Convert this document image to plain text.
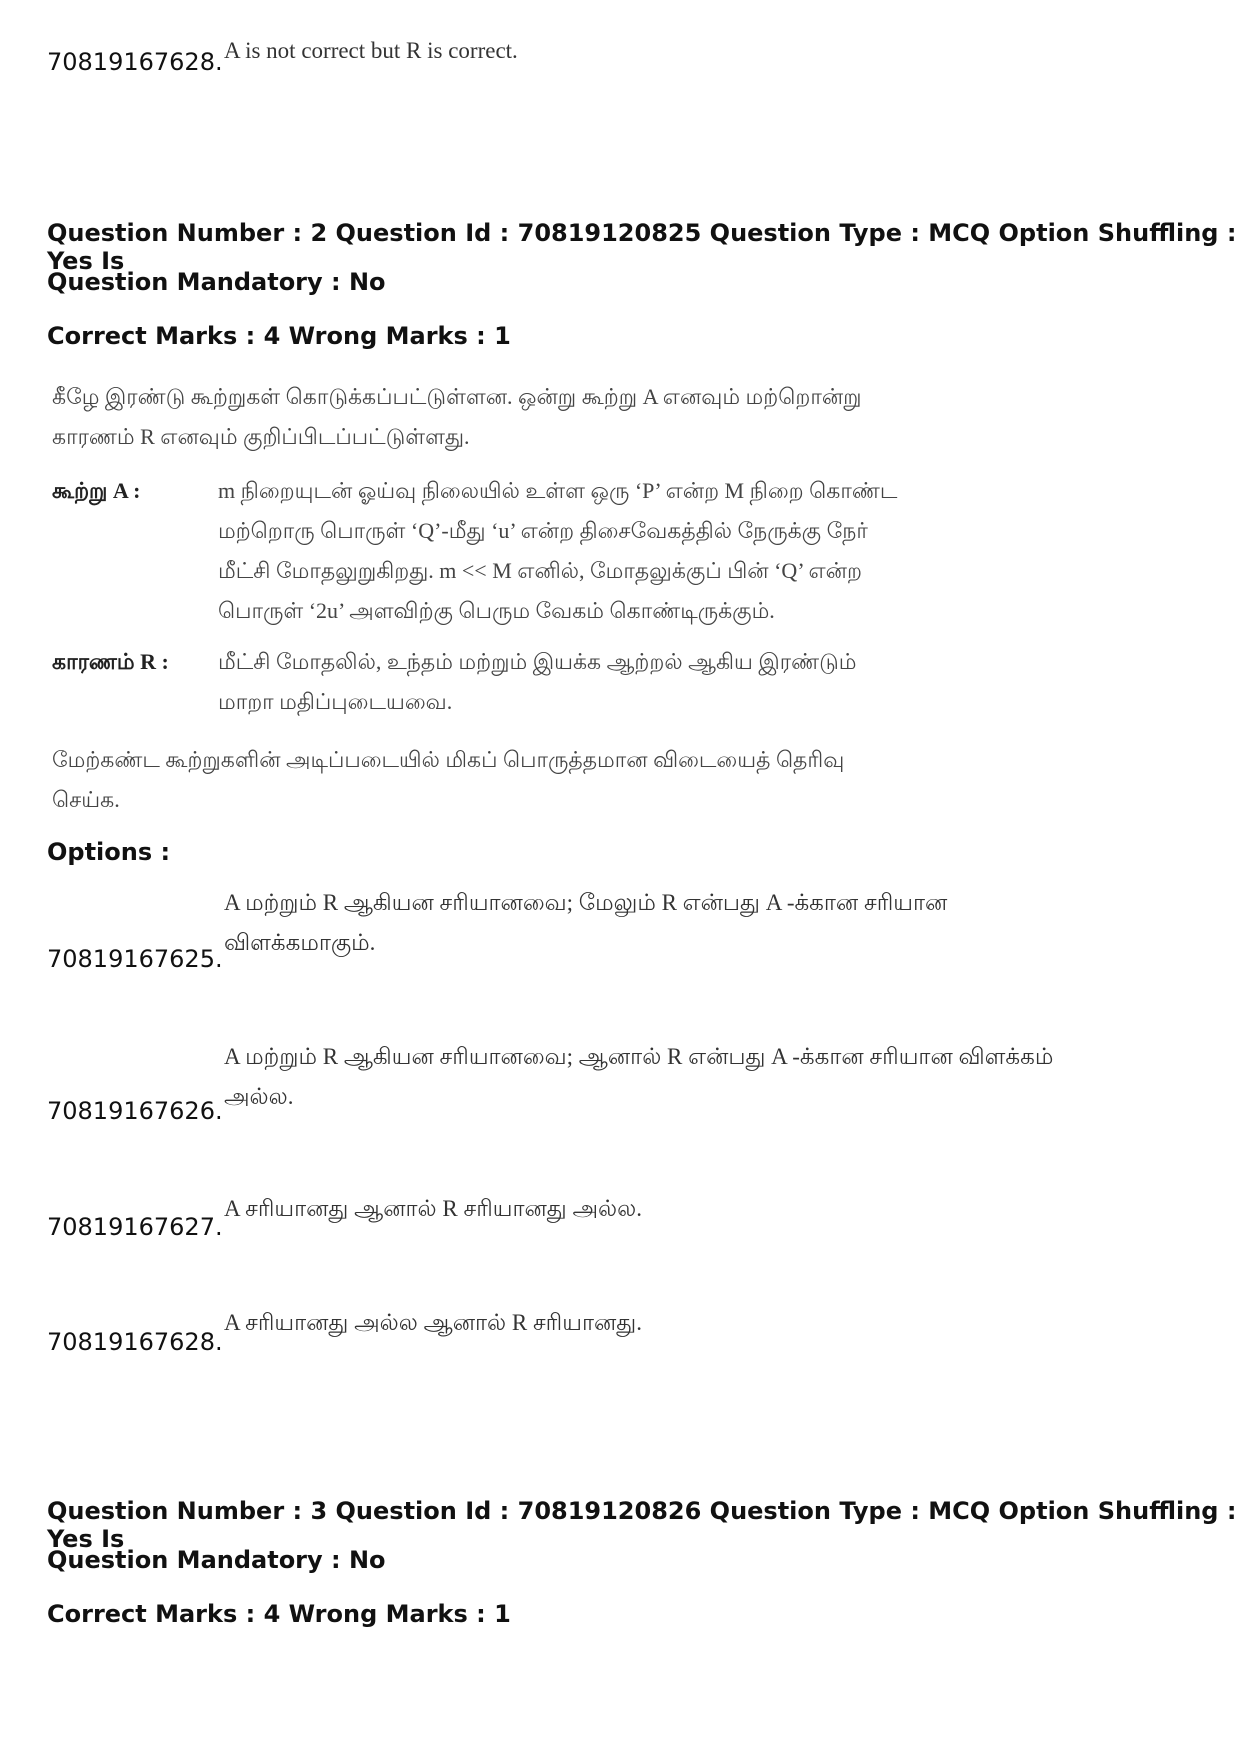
70819167628. A is not correct but R is correct.
Question Number : 2 Question Id : 70819120825 Question Type : MCQ Option Shuffling : Yes Is
Question Mandatory : No
Correct Marks : 4 Wrong Marks : 1
கீழே இரண்டு கூற்றுகள் கொடுக்கப்பட்டுள்ளன. ஒன்று கூற்று A எனவும் மற்றொன்று
காரணம் R எனவும் குறிப்பிடப்பட்டுள்ளது.
கூற்று A :	m நிறையுடன் ஓய்வு நிலையில் உள்ள ஒரு ‘P’ என்ற M நிறை கொண்ட
மற்றொரு பொருள் ‘Q’-மீது ‘u’ என்ற திசைவேகத்தில் நேருக்கு நேர்
மீட்சி மோதலுறுகிறது. m << M எனில், மோதலுக்குப் பின் ‘Q’ என்ற
பொருள் ‘2u’ அளவிற்கு பெரும வேகம் கொண்டிருக்கும்.
காரணம் R : மீட்சி மோதலில், உந்தம் மற்றும் இயக்க ஆற்றல் ஆகிய இரண்டும்
மாறா மதிப்புடையவை.
மேற்கண்ட கூற்றுகளின் அடிப்படையில் மிகப் பொருத்தமான விடையைத் தெரிவு
செய்க.
Options :
A மற்றும் R ஆகியன சரியானவை; மேலும் R என்பது A -க்கான சரியான
விளக்கமாகும்.
70819167625.
A மற்றும் R ஆகியன சரியானவை; ஆனால் R என்பது A -க்கான சரியான விளக்கம்
அல்ல.
70819167626.
A சரியானது ஆனால் R சரியானது அல்ல.
70819167627.
A சரியானது அல்ல ஆனால் R சரியானது.
70819167628.
Question Number : 3 Question Id : 70819120826 Question Type : MCQ Option Shuffling : Yes Is
Question Mandatory : No
Correct Marks : 4 Wrong Marks : 1
